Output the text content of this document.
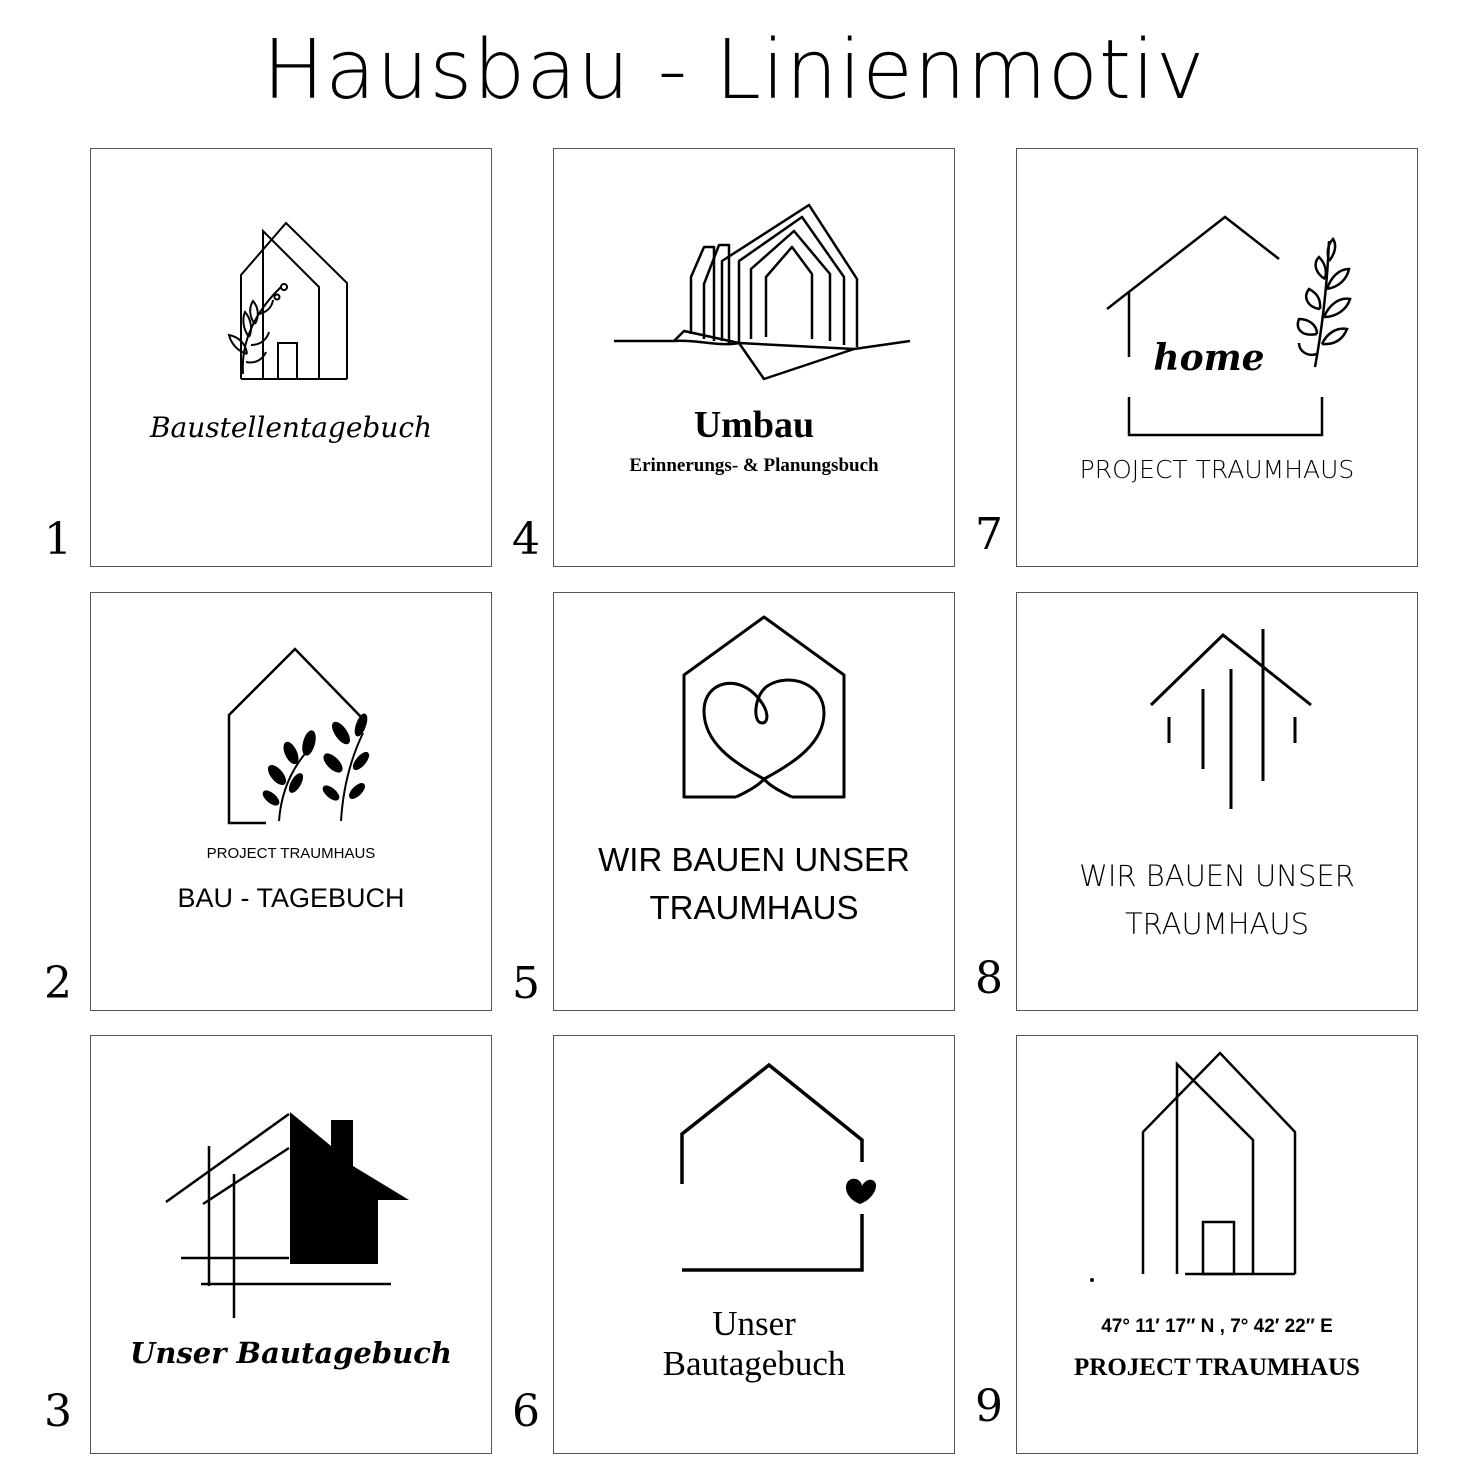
Hausbau - Linienmotiv
1
2
3
4
5
6
7
8
9
Baustellentagebuch
PROJECT TRAUMHAUS
BAU - TAGEBUCH
Unser Bautagebuch
Umbau
Erinnerungs- & Planungsbuch
WIR BAUEN UNSER
TRAUMHAUS
Unser
Bautagebuch
home
PROJECT TRAUMHAUS
WIR BAUEN UNSER
TRAUMHAUS
47° 11′ 17″ N , 7° 42′ 22″ E
PROJECT TRAUMHAUS
